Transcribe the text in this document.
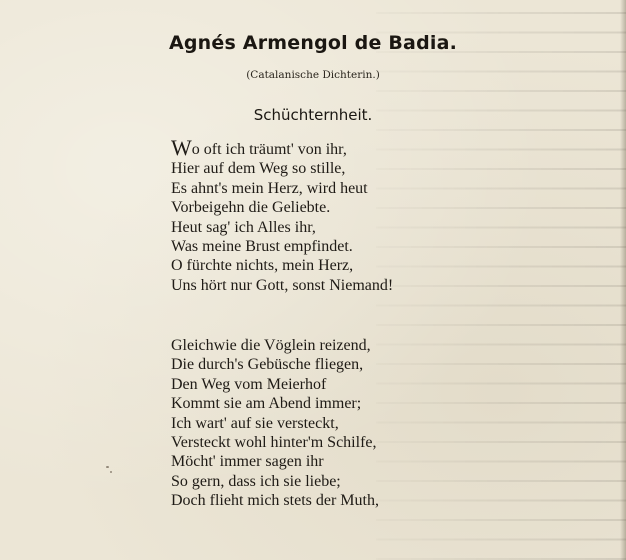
Agnés Armengol de Badia.
(Catalanische Dichterin.)
Schüchternheit.
Wo oft ich träumt' von ihr,
Hier auf dem Weg so stille,
Es ahnt's mein Herz, wird heut
Vorbeigehn die Geliebte.
Heut sag' ich Alles ihr,
Was meine Brust empfindet.
O fürchte nichts, mein Herz,
Uns hört nur Gott, sonst Niemand!
Gleichwie die Vöglein reizend,
Die durch's Gebüsche fliegen,
Den Weg vom Meierhof
Kommt sie am Abend immer;
Ich wart' auf sie versteckt,
Versteckt wohl hinter'm Schilfe,
Möcht' immer sagen ihr
So gern, dass ich sie liebe;
Doch flieht mich stets der Muth,
